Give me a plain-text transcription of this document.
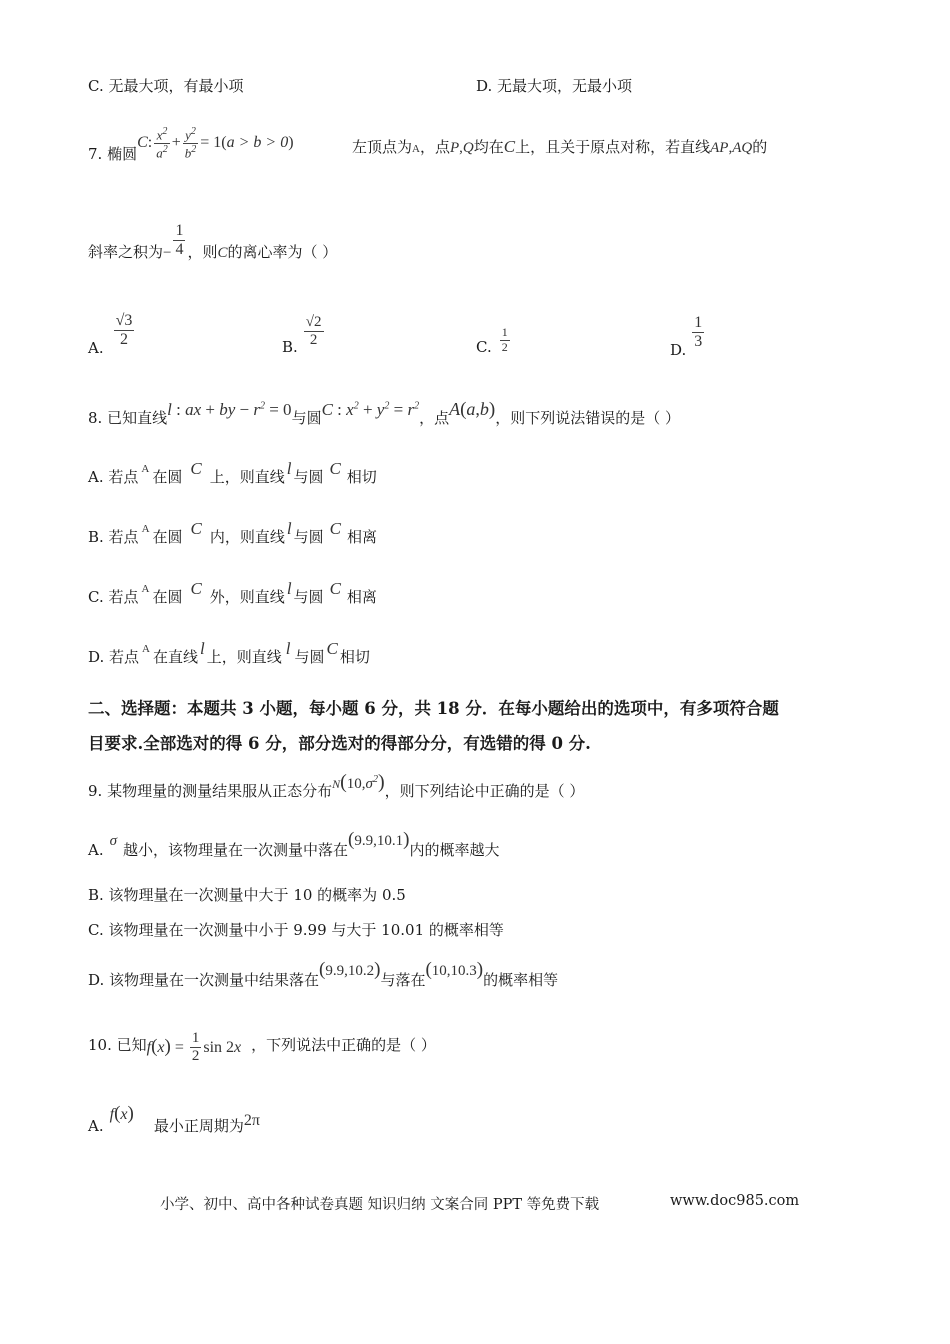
C. 无最大项，有最小项	D. 无最大项，无最小项
7. 椭圆C: $\frac{x^2}{a^2} + \frac{y^2}{b^2} = 1(a > b > 0)$	左顶点为A，点P,Q均在C上，且关于原点对称，若直线AP,AQ的
斜率之积为− $\frac{1}{4}$ ，则C的离心率为（ ）
A. $\frac{√3}{2}$	B. $\frac{√2}{2}$	C. $\frac{1}{2}$	D. $\frac{1}{3}$
8. 已知直线l : ax + by − $r^2 = 0$与圆C : $x^2 + y^2 = r^2$，点A(a,b)，则下列说法错误的是（ ）
A. 若点 A 在圆 C 上，则直线 l 与圆 C 相切
B. 若点 A 在圆 C 内，则直线 l 与圆 C 相离
C. 若点 A 在圆 C 外，则直线 l 与圆 C 相离
D. 若点 A 在直线 l 上，则直线 l 与圆 C 相切
二、选择题：本题共 3 小题，每小题 6 分，共 18 分．在每小题给出的选项中，有多项符合题
目要求.全部选对的得 6 分，部分选对的得部分分，有选错的得 0 分.
9. 某物理量的测量结果服从正态分布$N(10,\sigma^2)$，则下列结论中正确的是（ ）
A. σ 越小，该物理量在一次测量中落在(9.9,10.1)内的概率越大
B. 该物理量在一次测量中大于 10 的概率为 0.5
C. 该物理量在一次测量中小于 9.99 与大于 10.01 的概率相等
D. 该物理量在一次测量中结果落在(9.9,10.2)与落在(10,10.3)的概率相等
10. 已知$f(x) = \frac{1}{2}$ sin 2x ，下列说法中正确的是（ ）
A.f(x)最小正周期为2π
小学、初中、高中各种试卷真题 知识归纳 文案合同 PPT 等免费下载	www.doc985.com
